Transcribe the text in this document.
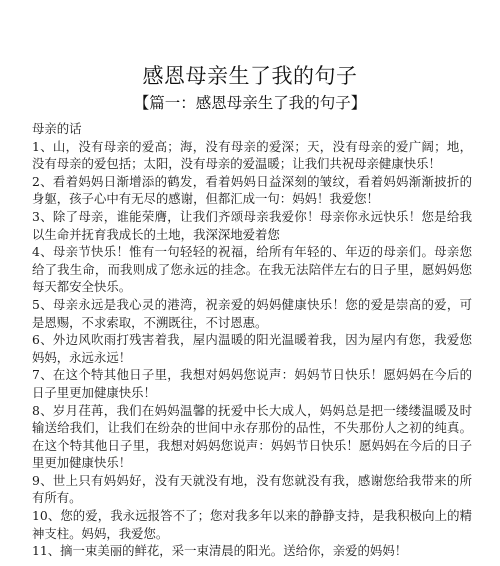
感恩母亲生了我的句子
【篇一：感恩母亲生了我的句子】

母亲的话

1、山，没有母亲的爱高；海，没有母亲的爱深；天，没有母亲的爱广阔；地，没有母亲的爱包括；太阳，没有母亲的爱温暖；让我们共祝母亲健康快乐！

2、看着妈妈日渐增添的鹤发，看着妈妈日益深刻的皱纹，看着妈妈渐渐披折的身躯，孩子心中有无尽的感谢，但都汇成一句：妈妈！我爱您！

3、除了母亲，谁能荣膺，让我们齐颂母亲我爱你！母亲你永远快乐！您是给我以生命并抚育我成长的土地，我深深地爱着您

4、母亲节快乐！惟有一句轻轻的祝福，给所有年轻的、年迈的母亲们。母亲您给了我生命，而我则成了您永远的挂念。在我无法陪伴左右的日子里，愿妈妈您每天都安全快乐。

5、母亲永远是我心灵的港湾，祝亲爱的妈妈健康快乐！您的爱是崇高的爱，可是恩赐，不求索取，不溯既往，不讨恩惠。

6、外边风吹雨打残害着我，屋内温暖的阳光温暖着我，因为屋内有您，我爱您妈妈，永远永远！

7、在这个特其他日子里，我想对妈妈您说声：妈妈节日快乐！愿妈妈在今后的日子里更加健康快乐！

8、岁月荏苒，我们在妈妈温馨的抚爱中长大成人，妈妈总是把一缕缕温暖及时输送给我们，让我们在纷杂的世间中永存那份的品性，不失那份人之初的纯真。在这个特其他日子里，我想对妈妈您说声：妈妈节日快乐！愿妈妈在今后的日子里更加健康快乐！

9、世上只有妈妈好，没有天就没有地，没有您就没有我，感谢您给我带来的所有所有。

10、您的爱，我永远报答不了；您对我多年以来的静静支持，是我积极向上的精神支柱。妈妈，我爱您。

11、摘一束美丽的鲜花，采一束清晨的阳光。送给你，亲爱的妈妈！
